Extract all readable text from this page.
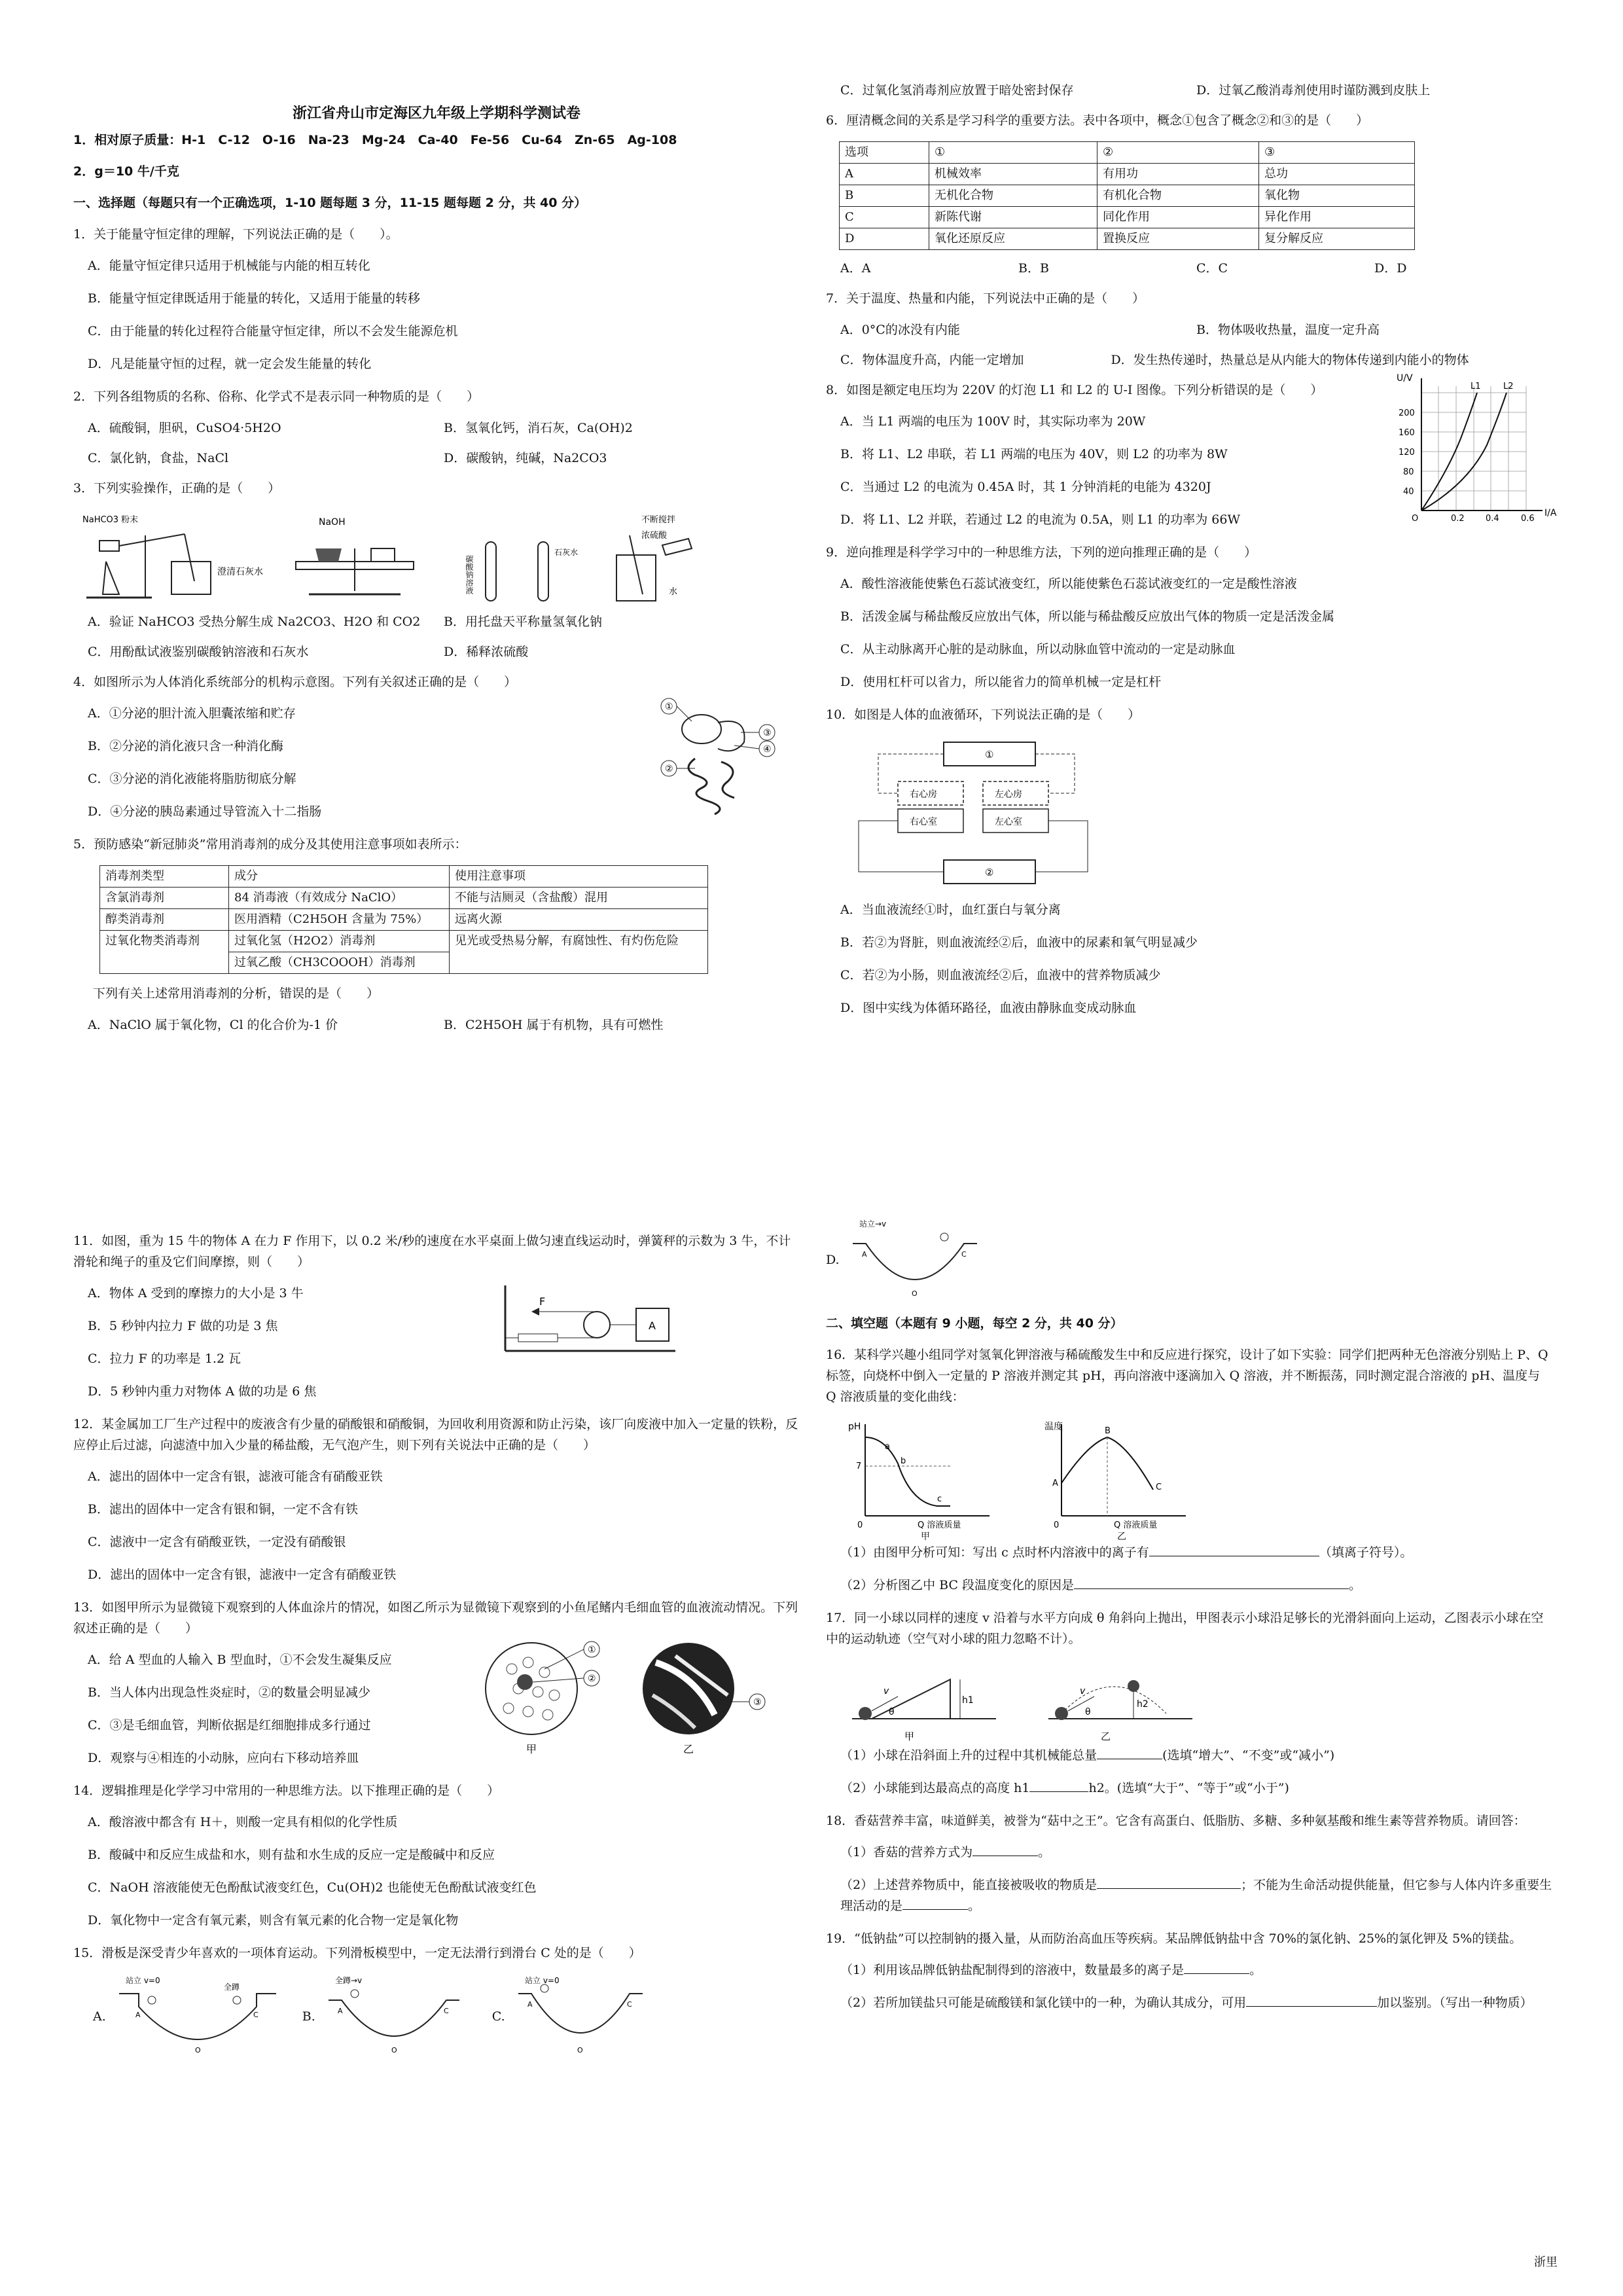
浙江省舟山市定海区九年级上学期科学测试卷
1．相对原子质量：H-1　C-12　O-16　Na-23　Mg-24　Ca-40　Fe-56　Cu-64　Zn-65　Ag-108
2．g＝10 牛/千克
一、选择题（每题只有一个正确选项，1-10 题每题 3 分，11-15 题每题 2 分，共 40 分）
1．关于能量守恒定律的理解，下列说法正确的是（　　）。
A．能量守恒定律只适用于机械能与内能的相互转化
B．能量守恒定律既适用于能量的转化，又适用于能量的转移
C．由于能量的转化过程符合能量守恒定律，所以不会发生能源危机
D．凡是能量守恒的过程，就一定会发生能量的转化
2．下列各组物质的名称、俗称、化学式不是表示同一种物质的是（　　）
A．硫酸铜，胆矾，CuSO4·5H2O	B．氢氧化钙，消石灰，Ca(OH)2
C．氯化钠，食盐，NaCl	D．碳酸钠，纯碱，Na2CO3
3．下列实验操作，正确的是（　　）
NaHCO3 粉末
澄清石灰水
NaOH
碳酸钠溶液
石灰水
不断搅拌
浓硫酸
水
A．验证 NaHCO3 受热分解生成 Na2CO3、H2O 和 CO2	B．用托盘天平称量氢氧化钠
C．用酚酞试液鉴别碳酸钠溶液和石灰水	D．稀释浓硫酸
4．如图所示为人体消化系统部分的机构示意图。下列有关叙述正确的是（　　）
A．①分泌的胆汁流入胆囊浓缩和贮存
B．②分泌的消化液只含一种消化酶
C．③分泌的消化液能将脂肪彻底分解
D．④分泌的胰岛素通过导管流入十二指肠
①
②
③
④
5．预防感染“新冠肺炎”常用消毒剂的成分及其使用注意事项如表所示：
消毒剂类型	成分	使用注意事项
含氯消毒剂	84 消毒液（有效成分 NaClO）	不能与洁厕灵（含盐酸）混用
醇类消毒剂	医用酒精（C2H5OH 含量为 75%）	远离火源
过氧化物类消毒剂	过氧化氢（H2O2）消毒剂	见光或受热易分解，有腐蚀性、有灼伤危险
	过氧乙酸（CH3COOOH）消毒剂	
下列有关上述常用消毒剂的分析，错误的是（　　）
A．NaClO 属于氧化物，Cl 的化合价为-1 价	B．C2H5OH 属于有机物，具有可燃性
C．过氧化氢消毒剂应放置于暗处密封保存	D．过氧乙酸消毒剂使用时谨防溅到皮肤上
6．厘清概念间的关系是学习科学的重要方法。表中各项中，概念①包含了概念②和③的是（　　）
选项	①	②	③
A	机械效率	有用功	总功
B	无机化合物	有机化合物	氧化物
C	新陈代谢	同化作用	异化作用
D	氧化还原反应	置换反应	复分解反应
A．A	B．B	C．C	D．D
7．关于温度、热量和内能，下列说法中正确的是（　　）
A．0°C的冰没有内能	B．物体吸收热量，温度一定升高
C．物体温度升高，内能一定增加	D．发生热传递时，热量总是从内能大的物体传递到内能小的物体
8．如图是额定电压均为 220V 的灯泡 L1 和 L2 的 U-I 图像。下列分析错误的是（　　）
A．当 L1 两端的电压为 100V 时，其实际功率为 20W
B．将 L1、L2 串联，若 L1 两端的电压为 40V，则 L2 的功率为 8W
C．当通过 L2 的电流为 0.45A 时，其 1 分钟消耗的电能为 4320J
D．将 L1、L2 并联，若通过 L2 的电流为 0.5A，则 L1 的功率为 66W
U/V
I/A
200
160
120
80
40
O	0.2 0.4	0.6
L1	L2
9．逆向推理是科学学习中的一种思维方法，下列的逆向推理正确的是（　　）
A．酸性溶液能使紫色石蕊试液变红，所以能使紫色石蕊试液变红的一定是酸性溶液
B．活泼金属与稀盐酸反应放出气体，所以能与稀盐酸反应放出气体的物质一定是活泼金属
C．从主动脉离开心脏的是动脉血，所以动脉血管中流动的一定是动脉血
D．使用杠杆可以省力，所以能省力的简单机械一定是杠杆
10．如图是人体的血液循环，下列说法正确的是（　　）
①
右心房	左心房
右心室	左心室
②
A．当血液流经①时，血红蛋白与氧分离
B．若②为肾脏，则血液流经②后，血液中的尿素和氧气明显减少
C．若②为小肠，则血液流经②后，血液中的营养物质减少
D．图中实线为体循环路径，血液由静脉血变成动脉血
11．如图，重为 15 牛的物体 A 在力 F 作用下，以 0.2 米/秒的速度在水平桌面上做匀速直线运动时，弹簧秤的示数为 3 牛，不计滑轮和绳子的重及它们间摩擦，则（　　）
A．物体 A 受到的摩擦力的大小是 3 牛
B．5 秒钟内拉力 F 做的功是 3 焦
C．拉力 F 的功率是 1.2 瓦
D．5 秒钟内重力对物体 A 做的功是 6 焦
A
F
12．某金属加工厂生产过程中的废液含有少量的硝酸银和硝酸铜，为回收利用资源和防止污染，该厂向废液中加入一定量的铁粉，反应停止后过滤，向滤渣中加入少量的稀盐酸，无气泡产生，则下列有关说法中正确的是（　　）
A．滤出的固体中一定含有银，滤液可能含有硝酸亚铁
B．滤出的固体中一定含有银和铜，一定不含有铁
C．滤液中一定含有硝酸亚铁，一定没有硝酸银
D．滤出的固体中一定含有银，滤液中一定含有硝酸亚铁
13．如图甲所示为显微镜下观察到的人体血涂片的情况，如图乙所示为显微镜下观察到的小鱼尾鳍内毛细血管的血液流动情况。下列叙述正确的是（　　）
A．给 A 型血的人输入 B 型血时，①不会发生凝集反应
B．当人体内出现急性炎症时，②的数量会明显减少
C．③是毛细血管，判断依据是红细胞排成多行通过
D．观察与④相连的小动脉，应向右下移动培养皿
①
②
甲
③
乙
14．逻辑推理是化学学习中常用的一种思维方法。以下推理正确的是（　　）
A．酸溶液中都含有 H＋，则酸一定具有相似的化学性质
B．酸碱中和反应生成盐和水，则有盐和水生成的反应一定是酸碱中和反应
C．NaOH 溶液能使无色酚酞试液变红色，Cu(OH)2 也能使无色酚酞试液变红色
D．氧化物中一定含有氧元素，则含有氧元素的化合物一定是氧化物
15．滑板是深受青少年喜欢的一项体育运动。下列滑板模型中，一定无法滑行到滑台 C 处的是（　　）
A.
站立 v=0
全蹲
A	C
O
B.
全蹲→v
A	C
O
C.
站立 v=0
A	C
O
D.
站立→v
A	C
O
二、填空题（本题有 9 小题，每空 2 分，共 40 分）
16．某科学兴趣小组同学对氢氧化钾溶液与稀硫酸发生中和反应进行探究，设计了如下实验：同学们把两种无色溶液分别贴上 P、Q 标签，向烧杯中倒入一定量的 P 溶液并测定其 pH，再向溶液中逐滴加入 Q 溶液，并不断振荡，同时测定混合溶液的 pH、温度与 Q 溶液质量的变化曲线：
pH
7
0
a
b
c
Q 溶液质量
甲
温度
0
A
B
C
Q 溶液质量
乙
（1）由图甲分析可知：写出 c 点时杯内溶液中的离子有	（填离子符号）。
（2）分析图乙中 BC 段温度变化的原因是	。
17．同一小球以同样的速度 v 沿着与水平方向成 θ 角斜向上抛出，甲图表示小球沿足够长的光滑斜面向上运动，乙图表示小球在空中的运动轨迹（空气对小球的阻力忽略不计）。
h1
v
θ
甲
v
θ
h2
乙
（1）小球在沿斜面上升的过程中其机械能总量	(选填“增大”、“不变”或“减小”)
（2）小球能到达最高点的高度 h1	h2。(选填“大于”、“等于”或“小于”)
18．香菇营养丰富，味道鲜美，被誉为“菇中之王”。它含有高蛋白、低脂肪、多糖、多种氨基酸和维生素等营养物质。请回答：
（1）香菇的营养方式为	。
（2）上述营养物质中，能直接被吸收的物质是	；不能为生命活动提供能量，但它参与人体内许多重要生理活动的是	。
19．“低钠盐”可以控制钠的摄入量，从而防治高血压等疾病。某品牌低钠盐中含 70%的氯化钠、25%的氯化钾及 5%的镁盐。
（1）利用该品牌低钠盐配制得到的溶液中，数量最多的离子是	。
（2）若所加镁盐只可能是硫酸镁和氯化镁中的一种，为确认其成分，可用	加以鉴别。（写出一种物质）
浙里
